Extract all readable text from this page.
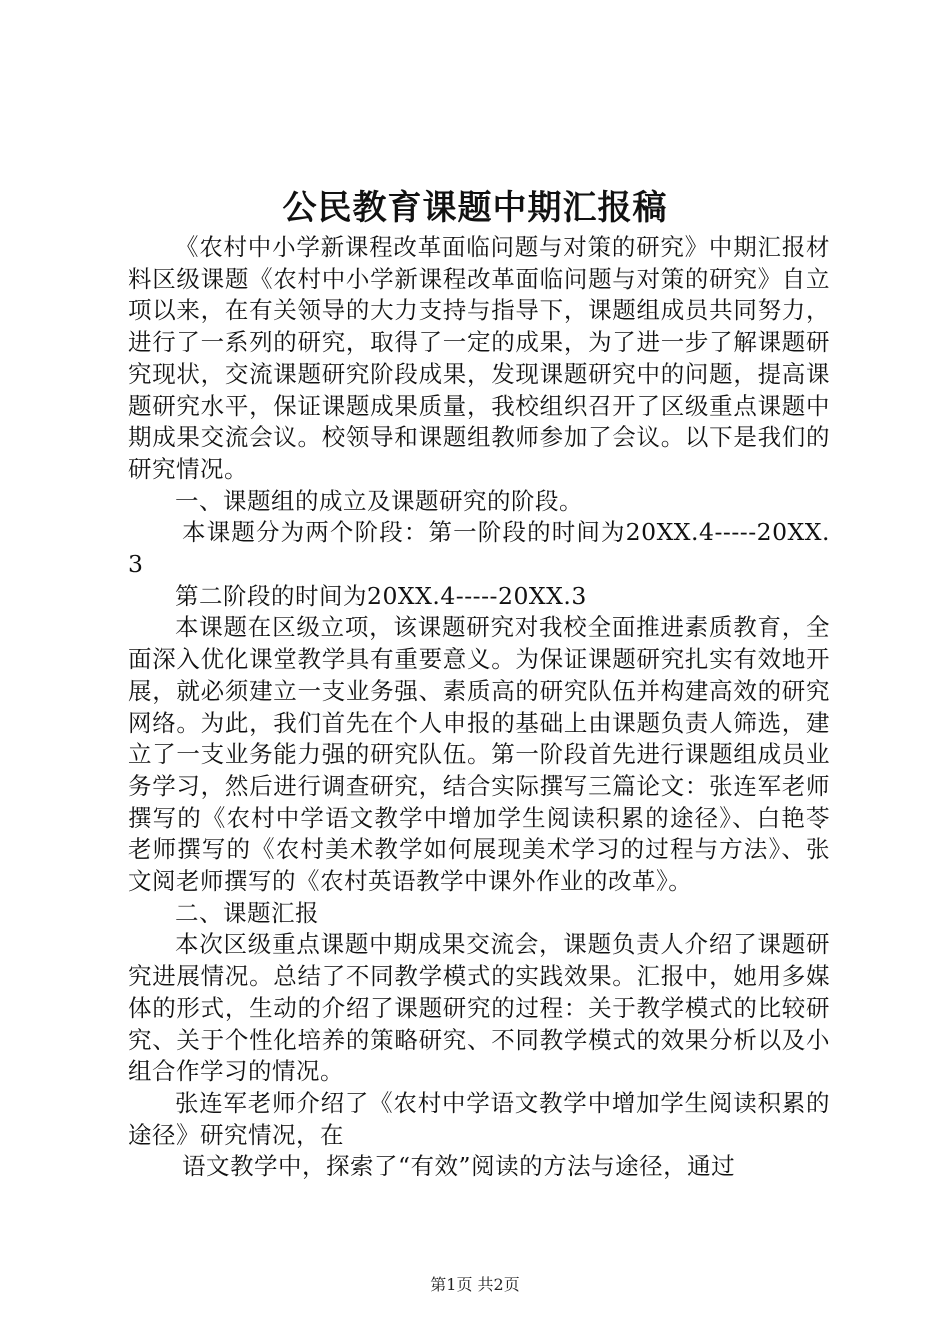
公民教育课题中期汇报稿

《农村中小学新课程改革面临问题与对策的研究》中期汇报材料区级课题《农村中小学新课程改革面临问题与对策的研究》自立项以来，在有关领导的大力支持与指导下，课题组成员共同努力，进行了一系列的研究，取得了一定的成果，为了进一步了解课题研究现状，交流课题研究阶段成果，发现课题研究中的问题，提高课题研究水平，保证课题成果质量，我校组织召开了区级重点课题中期成果交流会议。校领导和课题组教师参加了会议。以下是我们的研究情况。

一、课题组的成立及课题研究的阶段。

本课题分为两个阶段：第一阶段的时间为20XX.4-----20XX.3

第二阶段的时间为20XX.4-----20XX.3

本课题在区级立项，该课题研究对我校全面推进素质教育，全面深入优化课堂教学具有重要意义。为保证课题研究扎实有效地开展，就必须建立一支业务强、素质高的研究队伍并构建高效的研究网络。为此，我们首先在个人申报的基础上由课题负责人筛选，建立了一支业务能力强的研究队伍。第一阶段首先进行课题组成员业务学习，然后进行调查研究，结合实际撰写三篇论文：张连军老师撰写的《农村中学语文教学中增加学生阅读积累的途径》、白艳苓老师撰写的《农村美术教学如何展现美术学习的过程与方法》、张文阅老师撰写的《农村英语教学中课外作业的改革》。

二、课题汇报

本次区级重点课题中期成果交流会，课题负责人介绍了课题研究进展情况。总结了不同教学模式的实践效果。汇报中，她用多媒体的形式，生动的介绍了课题研究的过程：关于教学模式的比较研究、关于个性化培养的策略研究、不同教学模式的效果分析以及小组合作学习的情况。

张连军老师介绍了《农村中学语文教学中增加学生阅读积累的途径》研究情况，在

语文教学中，探索了“有效”阅读的方法与途径，通过

第1页 共2页
